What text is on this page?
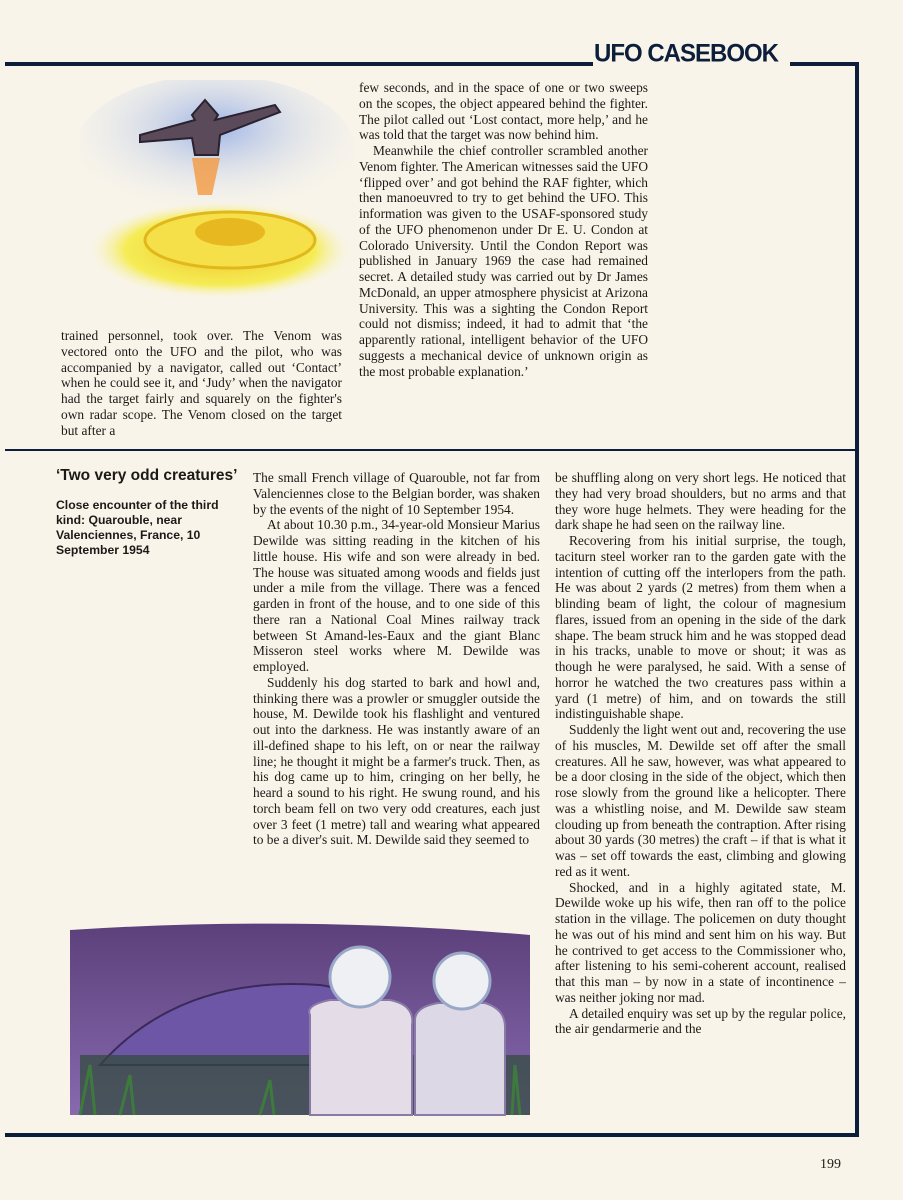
UFO CASEBOOK

trained personnel, took over. The Venom was vectored onto the UFO and the pilot, who was accompanied by a navigator, called out ‘Contact’ when he could see it, and ‘Judy’ when the navigator had the target fairly and squarely on the fighter's own radar scope. The Venom closed on the target but after a

few seconds, and in the space of one or two sweeps on the scopes, the object appeared behind the fighter. The pilot called out ‘Lost contact, more help,’ and he was told that the target was now behind him.

Meanwhile the chief controller scrambled another Venom fighter. The American witnesses said the UFO ‘flipped over’ and got behind the RAF fighter, which then manoeuvred to try to get behind the UFO. This information was given to the USAF-sponsored study of the UFO phenomenon under Dr E. U. Condon at Colorado University. Until the Condon Report was published in January 1969 the case had remained secret. A detailed study was carried out by Dr James McDonald, an upper atmosphere physicist at Arizona University. This was a sighting the Condon Report could not dismiss; indeed, it had to admit that ‘the apparently rational, intelligent behavior of the UFO suggests a mechanical device of unknown origin as the most probable explanation.’

‘Two very odd creatures’
Close encounter of the third kind: Quarouble, near Valenciennes, France, 10 September 1954

The small French village of Quarouble, not far from Valenciennes close to the Belgian border, was shaken by the events of the night of 10 September 1954.

At about 10.30 p.m., 34-year-old Monsieur Marius Dewilde was sitting reading in the kitchen of his little house. His wife and son were already in bed. The house was situated among woods and fields just under a mile from the village. There was a fenced garden in front of the house, and to one side of this there ran a National Coal Mines railway track between St Amand-les-Eaux and the giant Blanc Misseron steel works where M. Dewilde was employed.

Suddenly his dog started to bark and howl and, thinking there was a prowler or smuggler outside the house, M. Dewilde took his flashlight and ventured out into the darkness. He was instantly aware of an ill-defined shape to his left, on or near the railway line; he thought it might be a farmer's truck. Then, as his dog came up to him, cringing on her belly, he heard a sound to his right. He swung round, and his torch beam fell on two very odd creatures, each just over 3 feet (1 metre) tall and wearing what appeared to be a diver's suit. M. Dewilde said they seemed to

be shuffling along on very short legs. He noticed that they had very broad shoulders, but no arms and that they wore huge helmets. They were heading for the dark shape he had seen on the railway line.

Recovering from his initial surprise, the tough, taciturn steel worker ran to the garden gate with the intention of cutting off the interlopers from the path. He was about 2 yards (2 metres) from them when a blinding beam of light, the colour of magnesium flares, issued from an opening in the side of the dark shape. The beam struck him and he was stopped dead in his tracks, unable to move or shout; it was as though he were paralysed, he said. With a sense of horror he watched the two creatures pass within a yard (1 metre) of him, and on towards the still indistinguishable shape.

Suddenly the light went out and, recovering the use of his muscles, M. Dewilde set off after the small creatures. All he saw, however, was what appeared to be a door closing in the side of the object, which then rose slowly from the ground like a helicopter. There was a whistling noise, and M. Dewilde saw steam clouding up from beneath the contraption. After rising about 30 yards (30 metres) the craft – if that is what it was – set off towards the east, climbing and glowing red as it went.

Shocked, and in a highly agitated state, M. Dewilde woke up his wife, then ran off to the police station in the village. The policemen on duty thought he was out of his mind and sent him on his way. But he contrived to get access to the Commissioner who, after listening to his semi-coherent account, realised that this man – by now in a state of incontinence – was neither joking nor mad.

A detailed enquiry was set up by the regular police, the air gendarmerie and the

199
